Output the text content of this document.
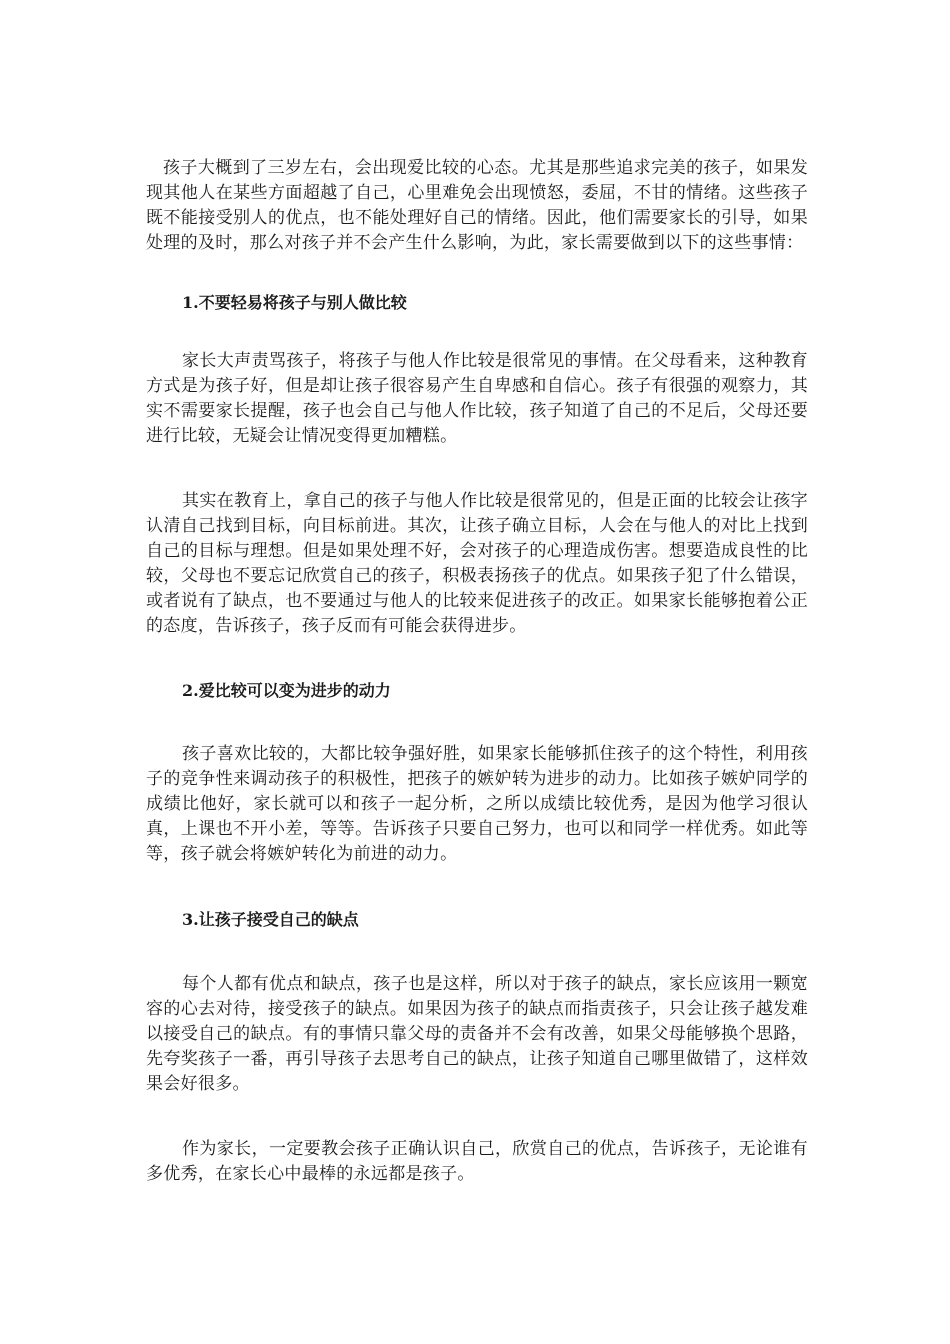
孩子大概到了三岁左右，会出现爱比较的心态。尤其是那些追求完美的孩子，如果发现其他人在某些方面超越了自己，心里难免会出现愤怒，委屈，不甘的情绪。这些孩子既不能接受别人的优点，也不能处理好自己的情绪。因此，他们需要家长的引导，如果处理的及时，那么对孩子并不会产生什么影响，为此，家长需要做到以下的这些事情：

1.不要轻易将孩子与别人做比较

家长大声责骂孩子，将孩子与他人作比较是很常见的事情。在父母看来，这种教育方式是为孩子好，但是却让孩子很容易产生自卑感和自信心。孩子有很强的观察力，其实不需要家长提醒，孩子也会自己与他人作比较，孩子知道了自己的不足后，父母还要进行比较，无疑会让情况变得更加糟糕。

其实在教育上，拿自己的孩子与他人作比较是很常见的，但是正面的比较会让孩字认清自己找到目标，向目标前进。其次，让孩子确立目标，人会在与他人的对比上找到自己的目标与理想。但是如果处理不好，会对孩子的心理造成伤害。想要造成良性的比较，父母也不要忘记欣赏自己的孩子，积极表扬孩子的优点。如果孩子犯了什么错误，或者说有了缺点，也不要通过与他人的比较来促进孩子的改正。如果家长能够抱着公正的态度，告诉孩子，孩子反而有可能会获得进步。

2.爱比较可以变为进步的动力

孩子喜欢比较的，大都比较争强好胜，如果家长能够抓住孩子的这个特性，利用孩子的竞争性来调动孩子的积极性，把孩子的嫉妒转为进步的动力。比如孩子嫉妒同学的成绩比他好，家长就可以和孩子一起分析，之所以成绩比较优秀，是因为他学习很认真，上课也不开小差，等等。告诉孩子只要自己努力，也可以和同学一样优秀。如此等等，孩子就会将嫉妒转化为前进的动力。

3.让孩子接受自己的缺点

每个人都有优点和缺点，孩子也是这样，所以对于孩子的缺点，家长应该用一颗宽容的心去对待，接受孩子的缺点。如果因为孩子的缺点而指责孩子，只会让孩子越发难以接受自己的缺点。有的事情只靠父母的责备并不会有改善，如果父母能够换个思路，先夸奖孩子一番，再引导孩子去思考自己的缺点，让孩子知道自己哪里做错了，这样效果会好很多。

作为家长，一定要教会孩子正确认识自己，欣赏自己的优点，告诉孩子，无论谁有多优秀，在家长心中最棒的永远都是孩子。
